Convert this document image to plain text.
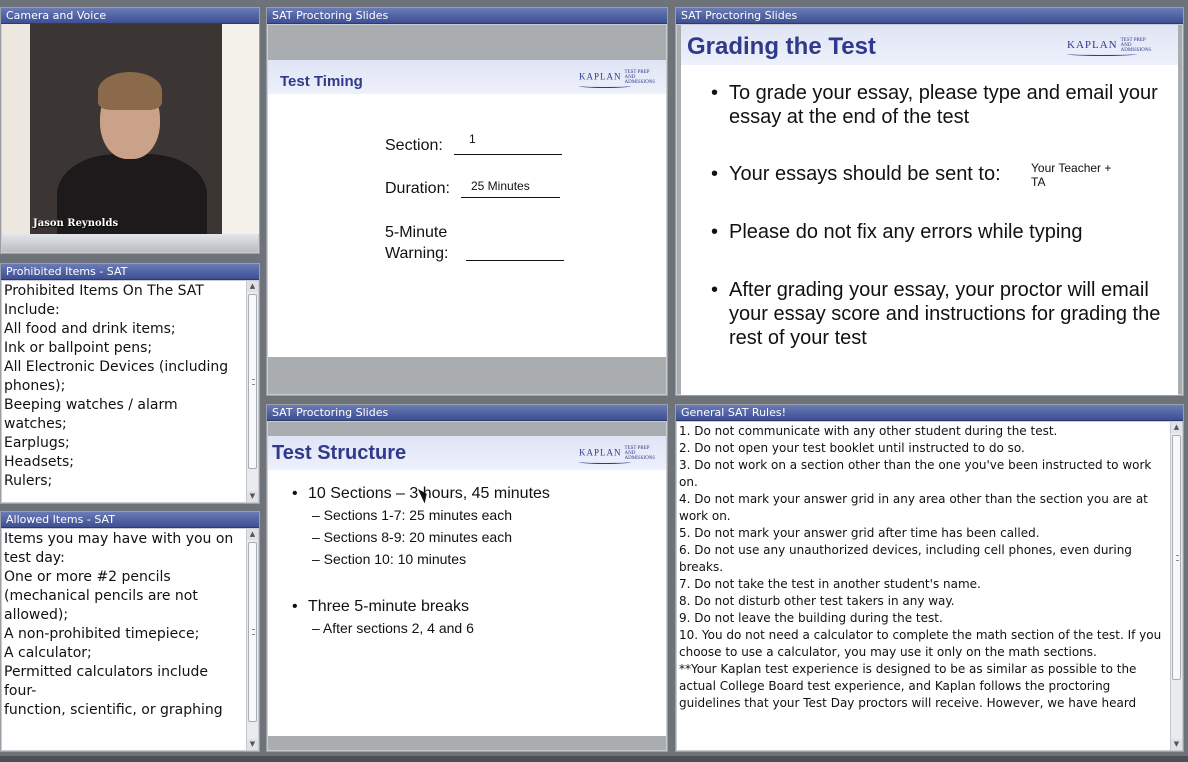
Camera and Voice
Jason Reynolds
Prohibited Items - SAT

Prohibited Items On The SAT

Include:

All food and drink items;

Ink or ballpoint pens;

All Electronic Devices (including

phones);

Beeping watches / alarm watches;

Earplugs;

Headsets;

Rulers;

▲
▼
Allowed Items - SAT

Items you may have with you on

test day:

One or more #2 pencils

(mechanical pencils are not

allowed);

A non-prohibited timepiece;

A calculator;

Permitted calculators include four-

function, scientific, or graphing

▲
▼
SAT Proctoring Slides
Test Timing	KAPLAN TEST PREP AND ADMISSIONS
Section: 1
Duration: 25 Minutes
5-Minute
Warning:
SAT Proctoring Slides
Grading the Test	KAPLAN TEST PREP AND ADMISSIONS
• To grade your essay, please type and email your essay at the end of the test
• Your essays should be sent to:	Your Teacher +
TA
• Please do not fix any errors while typing
• After grading your essay, your proctor will email your essay score and instructions for grading the rest of your test
SAT Proctoring Slides
Test Structure	KAPLAN TEST PREP AND ADMISSIONS
• 10 Sections – 3 hours, 45 minutes
– Sections 1-7: 25 minutes each
– Sections 8-9: 20 minutes each
– Section 10: 10 minutes
• Three 5-minute breaks
– After sections 2, 4 and 6
General SAT Rules!

1. Do not communicate with any other student during the test.

2. Do not open your test booklet until instructed to do so.

3. Do not work on a section other than the one you've been instructed to work on.

4. Do not mark your answer grid in any area other than the section you are at work on.

5. Do not mark your answer grid after time has been called.

6. Do not use any unauthorized devices, including cell phones, even during breaks.

7. Do not take the test in another student's name.

8. Do not disturb other test takers in any way.

9. Do not leave the building during the test.

10. You do not need a calculator to complete the math section of the test. If you choose to use a calculator, you may use it only on the math sections.

**Your Kaplan test experience is designed to be as similar as possible to the actual College Board test experience, and Kaplan follows the proctoring guidelines that your Test Day proctors will receive. However, we have heard

▲
▼
